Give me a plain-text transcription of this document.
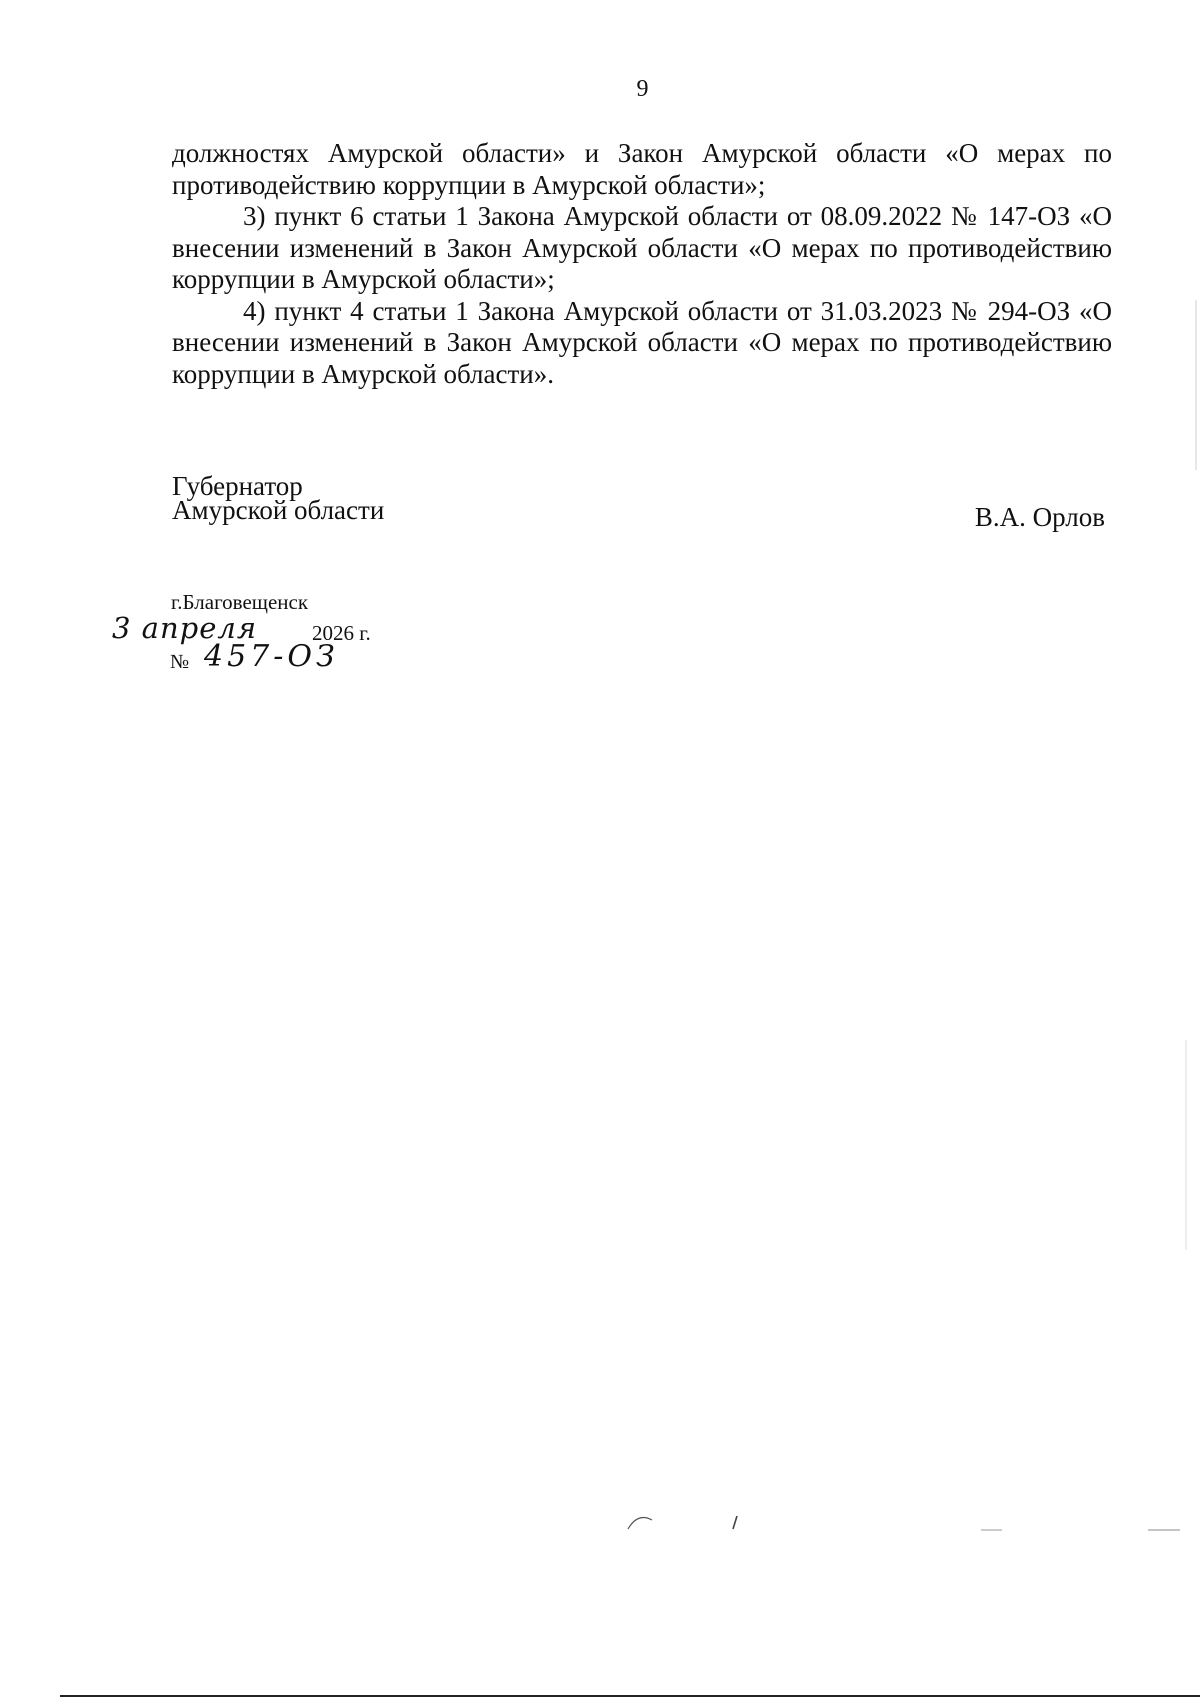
9

должностях Амурской области» и Закон Амурской области «О мерах по противодействию коррупции в Амурской области»;

3) пункт 6 статьи 1 Закона Амурской области от 08.09.2022 № 147-ОЗ «О внесении изменений в Закон Амурской области «О мерах по противодействию коррупции в Амурской области»;

4) пункт 4 статьи 1 Закона Амурской области от 31.03.2023 № 294-ОЗ «О внесении изменений в Закон Амурской области «О мерах по противодействию коррупции в Амурской области».

Губернатор
Амурской области	В.А. Орлов
г.Благовещенск
3 апреля	2026 г.
№ 457-ОЗ
